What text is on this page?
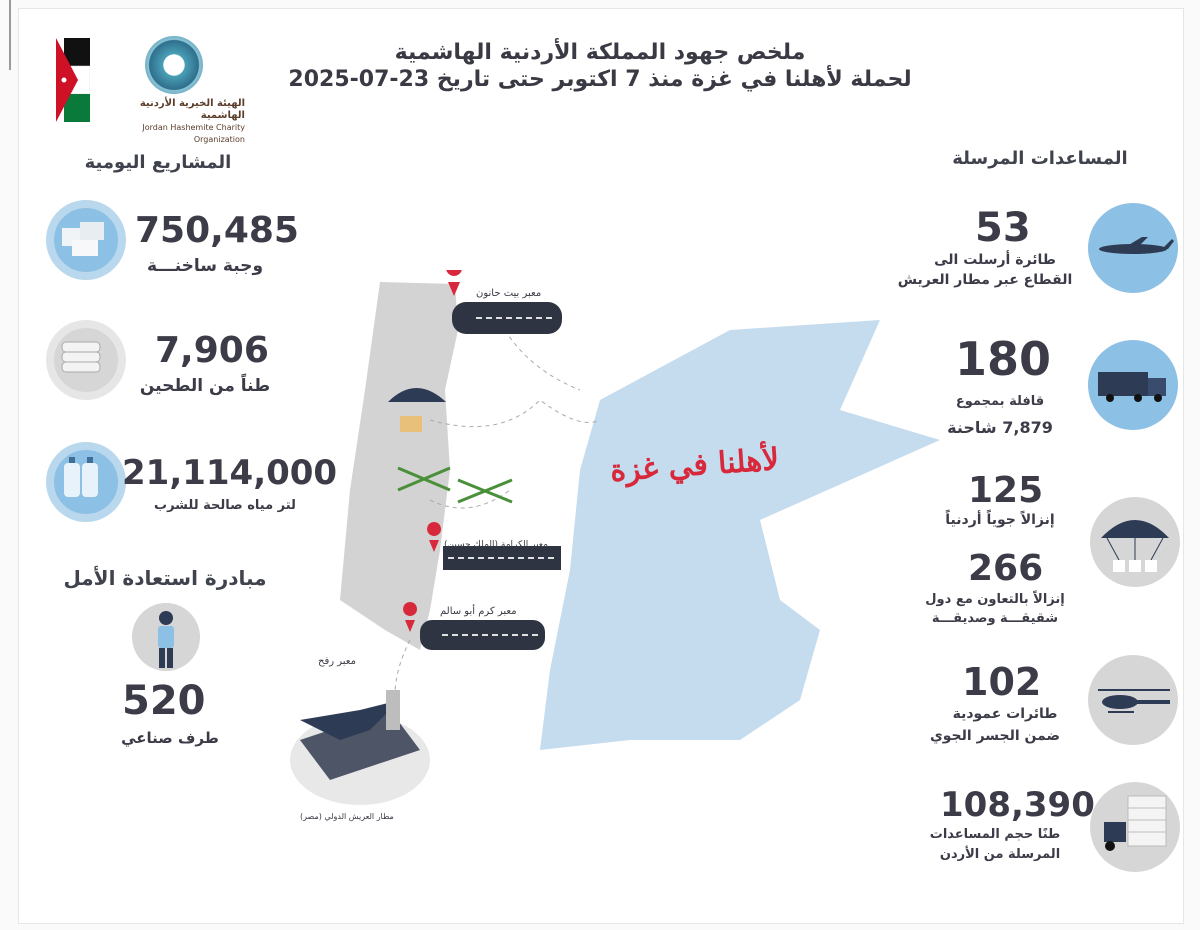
الهيئة الخيرية الأردنية الهاشمية
Jordan Hashemite Charity Organization
ملخص جهود المملكة الأردنية الهاشمية
لحملة لأهلنا في غزة منذ 7 اكتوبر حتى تاريخ 23-07-2025
المشاريع اليومية
750,485
وجبة ساخنـــة
7,906
طناً من الطحين
21,114,000
لتر مياه صالحة للشرب
مبادرة استعادة الأمل
520
طرف صناعي
المساعدات المرسلة
53
طائرة أرسلت الى
القطاع عبر مطار العريش
180
قافلة بمجموع
7,879 شاحنة
125
إنزالاً جوياً أردنياً
266
إنزالاً بالتعاون مع دول
شقيقـــة وصديقـــة
102
طائرات عمودية
ضمن الجسر الجوي
108,390
طنًا حجم المساعدات
المرسلة من الأردن
لأهلنا في غزة
معبر بيت حانون
معبر الكرامة (الملك حسين)
معبر كرم أبو سالم
معبر رفح
مطار العريش الدولي (مصر)
